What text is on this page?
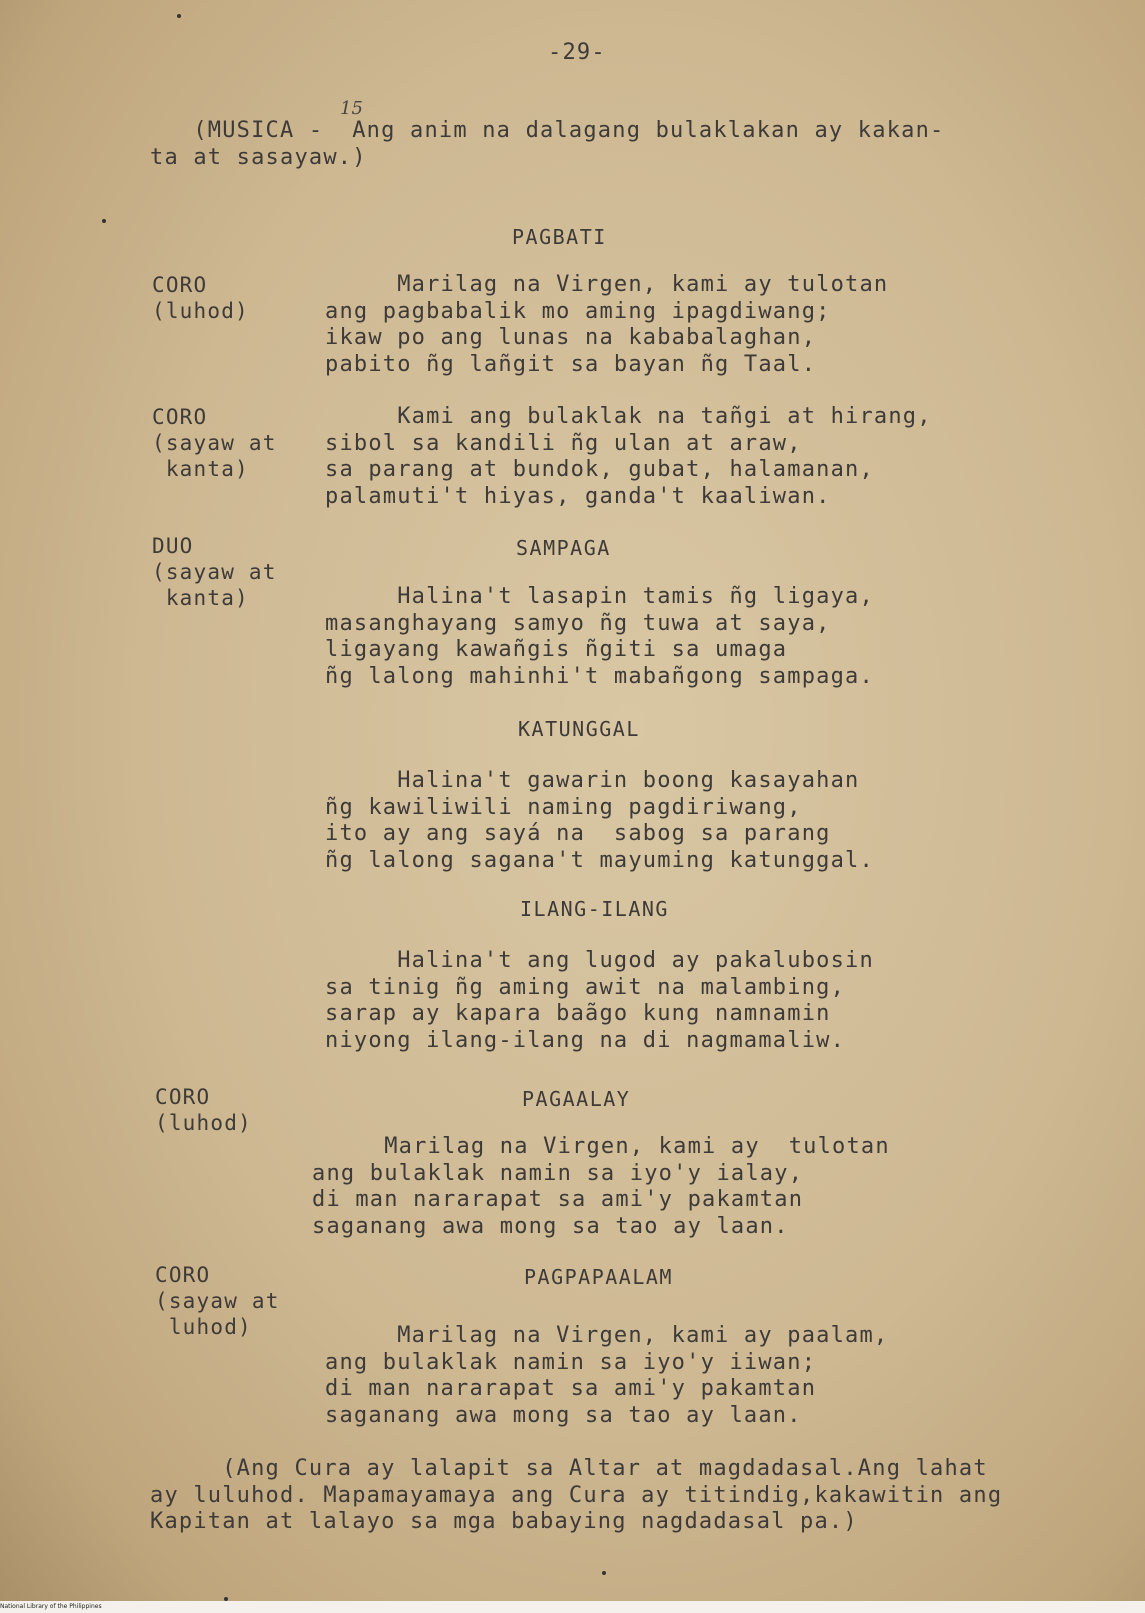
-29-
15
(MUSICA -  Ang anim na dalagang bulaklakan ay kakan-
ta at sasayaw.)
PAGBATI
CORO
(luhod)
Marilag na Virgen, kami ay tulotan
ang pagbabalik mo aming ipagdiwang;
ikaw po ang lunas na kababalaghan,
pabito ñg lañgit sa bayan ñg Taal.
CORO
(sayaw at
kanta)
Kami ang bulaklak na tañgi at hirang,
sibol sa kandili ñg ulan at araw,
sa parang at bundok, gubat, halamanan,
palamuti't hiyas, ganda't kaaliwan.
DUO
(sayaw at
kanta)
SAMPAGA
Halina't lasapin tamis ñg ligaya,
masanghayang samyo ñg tuwa at saya,
ligayang kawañgis ñgiti sa umaga
ñg lalong mahinhi't mabañgong sampaga.
KATUNGGAL
Halina't gawarin boong kasayahan
ñg kawiliwili naming pagdiriwang,
ito ay ang sayá na  sabog sa parang
ñg lalong sagana't mayuming katunggal.
ILANG-ILANG
Halina't ang lugod ay pakalubosin
sa tinig ñg aming awit na malambing,
sarap ay kapara baãgo kung namnamin
niyong ilang-ilang na di nagmamaliw.
CORO
(luhod)
PAGAALAY
Marilag na Virgen, kami ay  tulotan
ang bulaklak namin sa iyo'y ialay,
di man nararapat sa ami'y pakamtan
saganang awa mong sa tao ay laan.
CORO
(sayaw at
luhod)
PAGPAPAALAM
Marilag na Virgen, kami ay paalam,
ang bulaklak namin sa iyo'y iiwan;
di man nararapat sa ami'y pakamtan
saganang awa mong sa tao ay laan.
(Ang Cura ay lalapit sa Altar at magdadasal.Ang lahat
ay luluhod. Mapamayamaya ang Cura ay titindig,kakawitin ang
Kapitan at lalayo sa mga babaying nagdadasal pa.)
National Library of the Philippines
